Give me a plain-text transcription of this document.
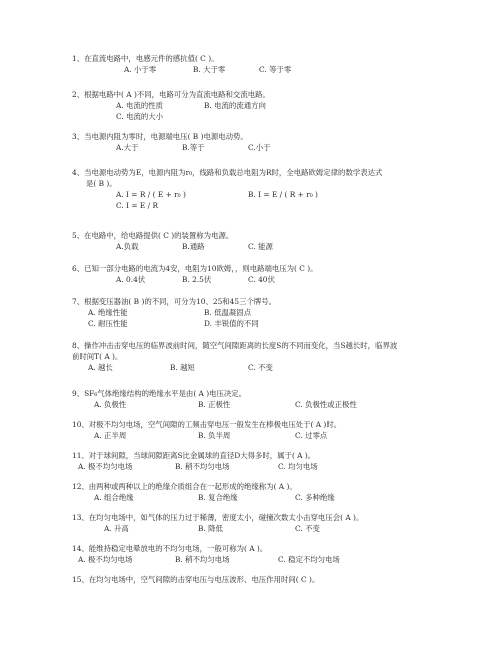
1、在直流电路中，电感元件的感抗值( C )。
A. 小于零	B. 大于零	C. 等于零
2、根据电路中( A )不同，电路可分为直流电路和交流电路。
A. 电流的性质	B. 电流的流通方向
C. 电流的大小
3、当电源内阻为零时，电源端电压( B )电源电动势。
A.大于	B.等于	C.小于
4、当电源电动势为E，电源内阻为r₀，线路和负载总电阻为R时，全电路欧姆定律的数学表达式
是( B )。
A. I = R / ( E + r₀ )	B. I = E / ( R + r₀ )
C. I = E / R
5、在电路中，给电路提供( C )的装置称为电源。
A.负载	B.通路	C. 能源
6、已知一部分电路的电流为4安，电阻为10欧姆，，则电路端电压为( C )。
A. 0.4伏	B. 2.5伏	C. 40伏
7、根据变压器油( B )的不同，可分为10、25和45三个牌号。
A. 绝缘性能	B. 低温凝固点
C. 耐压性能	D. 丰锐值的不同
8、操作冲击击穿电压的临界波前时间，随空气间隙距离的长度S的不同而变化，当S越长时，临界波
前时间T( A )。
A. 越长	B. 越短	C. 不变
9、SF₆气体绝缘结构的绝缘水平是由( A )电压决定。
A. 负极性	B. 正极性	C. 负极性或正极性
10、对极不均匀电场，空气间隙的工频击穿电压一般发生在棒极电压处于( A )时。
A. 正半周	B. 负半周	C. 过零点
11、对于球间隙，当球间隙距离S比金属球的直径D大得多时，属于( A )。
A. 极不均匀电场	B. 稍不均匀电场	C. 均匀电场
12、由两种或两种以上的绝缘介质组合在一起形成的绝缘称为( A )。
A. 组合绝缘	B. 复合绝缘	C. 多种绝缘
13、在均匀电场中，如气体的压力过于稀薄，密度太小，碰撞次数太小击穿电压会( A )。
A. 升高	B. 降低	C. 不变
14、能维持稳定电晕放电的不均匀电场，一般可称为( A )。
A. 极不均匀电场	B. 稍不均匀电场	C. 稳定不均匀电场
15、在均匀电场中，空气间隙的击穿电压与电压波形、电压作用时间( C )。
